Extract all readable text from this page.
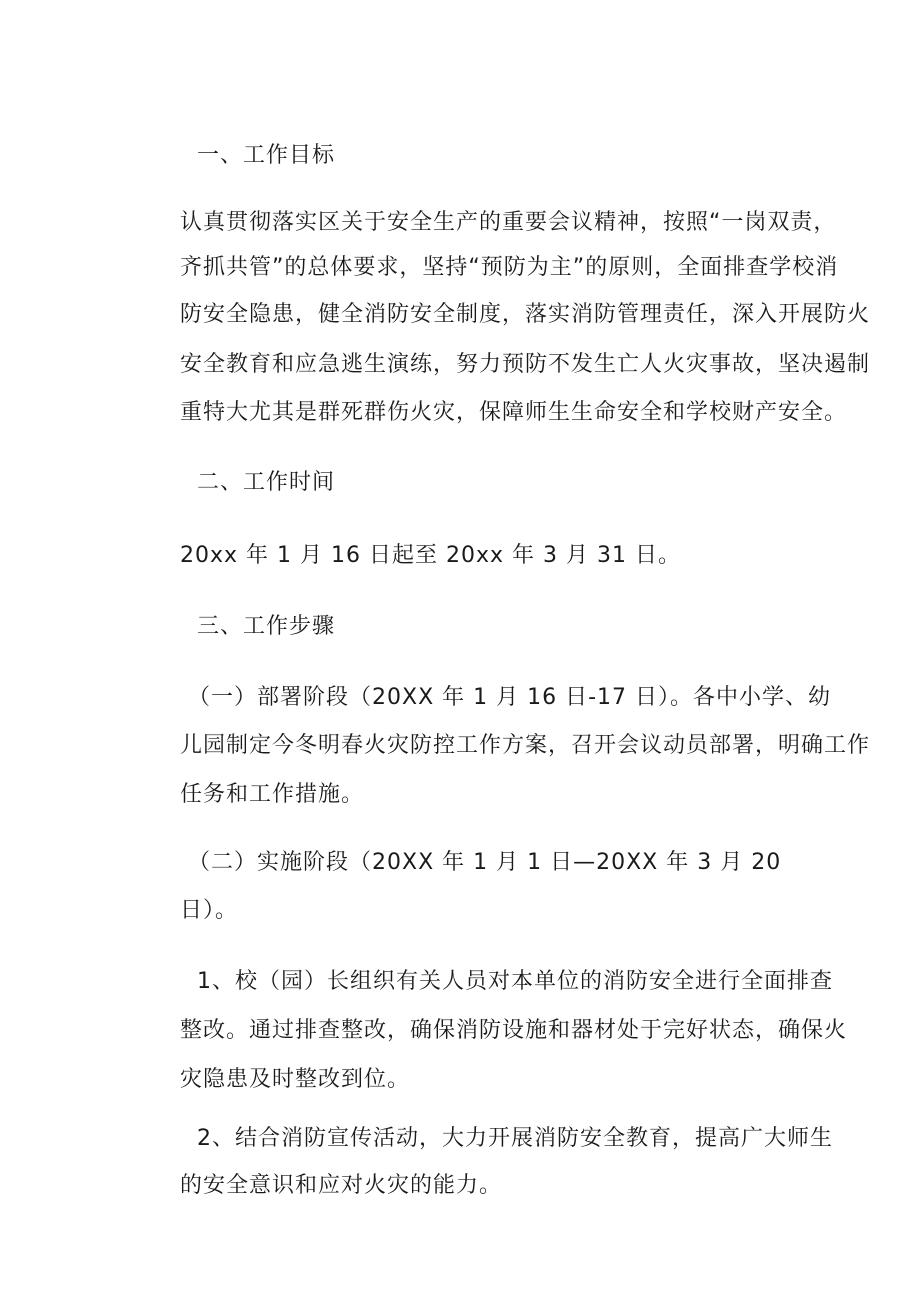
一、工作目标
认真贯彻落实区关于安全生产的重要会议精神，按照“一岗双责，
齐抓共管”的总体要求，坚持“预防为主”的原则，全面排查学校消
防安全隐患，健全消防安全制度，落实消防管理责任，深入开展防火
安全教育和应急逃生演练，努力预防不发生亡人火灾事故，坚决遏制
重特大尤其是群死群伤火灾，保障师生生命安全和学校财产安全。
二、工作时间
20xx 年 1 月 16 日起至 20xx 年 3 月 31 日。
三、工作步骤
（一）部署阶段（20XX 年 1 月 16 日-17 日）。各中小学、幼
儿园制定今冬明春火灾防控工作方案，召开会议动员部署，明确工作
任务和工作措施。
（二）实施阶段（20XX 年 1 月 1 日—20XX 年 3 月 20
日）。
1、校（园）长组织有关人员对本单位的消防安全进行全面排查
整改。通过排查整改，确保消防设施和器材处于完好状态，确保火
灾隐患及时整改到位。
2、结合消防宣传活动，大力开展消防安全教育，提高广大师生
的安全意识和应对火灾的能力。
